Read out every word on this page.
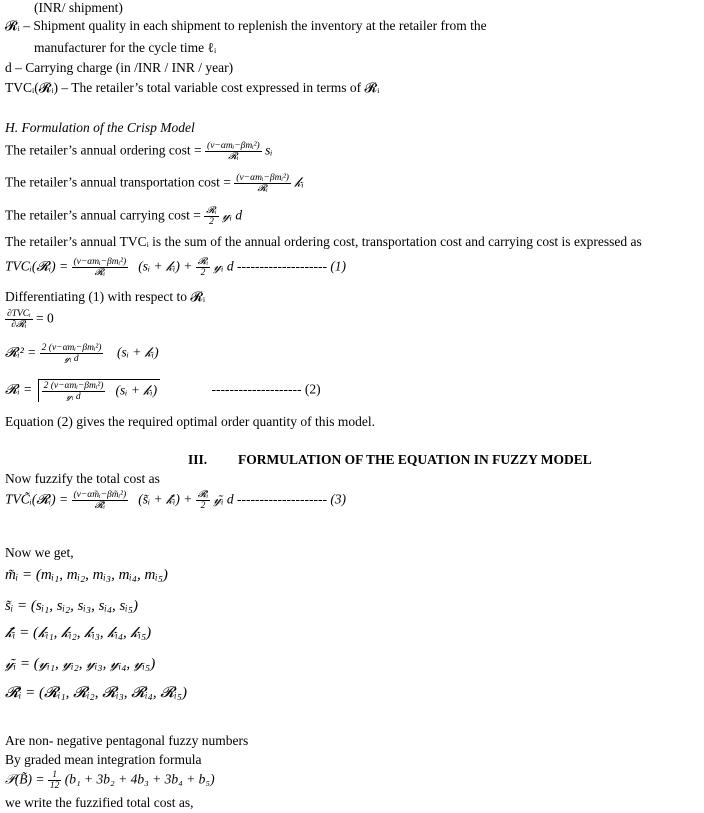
(INR/ shipment)
𝓡ᵢ – Shipment quality in each shipment to replenish the inventory at the retailer from the
manufacturer for the cycle time ℓᵢ
d – Carrying charge (in /INR / INR / year)
TVCᵢ(𝓡ᵢ) – The retailer’s total variable cost expressed in terms of 𝓡ᵢ
H. Formulation of the Crisp Model
The retailer’s annual ordering $\cos t = \frac{\text{(v−αmᵢ−βmᵢ²)}}{\text{𝓡ᵢ}}$ sᵢ
The retailer’s annual transportation $\cos t = \frac{\text{(v−αmᵢ−βmᵢ²)}}{\text{𝓡ᵢ}}$ 𝓀ᵢ
The retailer’s annual carrying $\cos t = \frac{\text{𝓡ᵢ}}{2}$ 𝓎ᵢ d
The retailer’s annual TVCᵢ is the sum of the annual ordering cost, transportation cost and carrying cost is expressed as
TVCᵢ(𝓡ᵢ) = $\frac{\text{(v−αmᵢ−βmᵢ²)}}{\text{𝓡ᵢ}}$ (sᵢ + 𝓀ᵢ) + $\frac{\text{𝓡ᵢ}}{2}$ 𝓎ᵢ d -------------------- (1)
Differentiating (1) with respect to 𝓡ᵢ
$\frac{\text{∂TVCᵢ}}{\text{∂𝓡ᵢ}} = 0$
𝓡ᵢ² = $\frac{\text{2 (v−αmᵢ−βmᵢ²)}}{\text{𝓎ᵢ d}}$ (sᵢ + 𝓀ᵢ)
𝓡ᵢ = $\frac{\text{2 (v−αmᵢ−βmᵢ²)}}{\text{𝓎ᵢ d}}$ (sᵢ + 𝓀ᵢ)	-------------------- (2)
Equation (2) gives the required optimal order quantity of this model.
III. FORMULATION OF THE EQUATION IN FUZZY MODEL
Now fuzzify the total cost as
TVC̃ᵢ(𝓡ᵢ) = $\frac{\text{(v−αm̃ᵢ−βm̃ᵢ²)}}{\text{𝓡̃ᵢ}}$ (s̃ᵢ + 𝓀̃ᵢ) + $\frac{\text{𝓡̃ᵢ}}{2}$ 𝓎̃ᵢ d -------------------- (3)
Now we get,
m̃ᵢ = (mᵢ₁, mᵢ₂, mᵢ₃, mᵢ₄, mᵢ₅)
s̃ᵢ = (sᵢ₁, sᵢ₂, sᵢ₃, sᵢ₄, sᵢ₅)
𝓀̃ᵢ = (𝓀ᵢ₁, 𝓀ᵢ₂, 𝓀ᵢ₃, 𝓀ᵢ₄, 𝓀ᵢ₅)
𝓎̃ᵢ = (𝓎ᵢ₁, 𝓎ᵢ₂, 𝓎ᵢ₃, 𝓎ᵢ₄, 𝓎ᵢ₅)
𝓡̃ᵢ = (𝓡ᵢ₁, 𝓡ᵢ₂, 𝓡ᵢ₃, 𝓡ᵢ₄, 𝓡ᵢ₅)
Are non- negative pentagonal fuzzy numbers
By graded mean integration formula
𝒫(B̃) = $\frac{1}{12} (b_1 + 3b_2 + 4b_3 + 3b_4 + b_5)$
we write the fuzzified total cost as,
